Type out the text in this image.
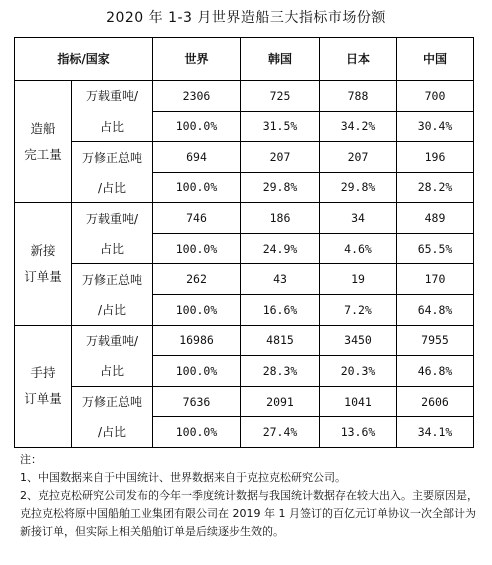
2020 年 1-3 月世界造船三大指标市场份额
指标/国家		世界	韩国	日本	中国

造船
完工量	万载重吨/	2306	725	788	700
	占比	100.0%	31.5%	34.2%	30.4%
	万修正总吨	694	207	207	196
	/占比	100.0%	29.8%	29.8%	28.2%

新接
订单量	万载重吨/	746	186	34	489
	占比	100.0%	24.9%	4.6%	65.5%
	万修正总吨	262	43	19	170
	/占比	100.0%	16.6%	7.2%	64.8%

手持
订单量	万载重吨/	16986	4815	3450	7955
	占比	100.0%	28.3%	20.3%	46.8%
	万修正总吨	7636	2091	1041	2606
	/占比	100.0%	27.4%	13.6%	34.1%

注：

1、中国数据来自于中国统计、世界数据来自于克拉克松研究公司。

2、克拉克松研究公司发布的今年一季度统计数据与我国统计数据存在较大出入。主要原因是，克拉克松将原中国船舶工业集团有限公司在 2019 年 1 月签订的百亿元订单协议一次全部计为新接订单，但实际上相关船舶订单是后续逐步生效的。
